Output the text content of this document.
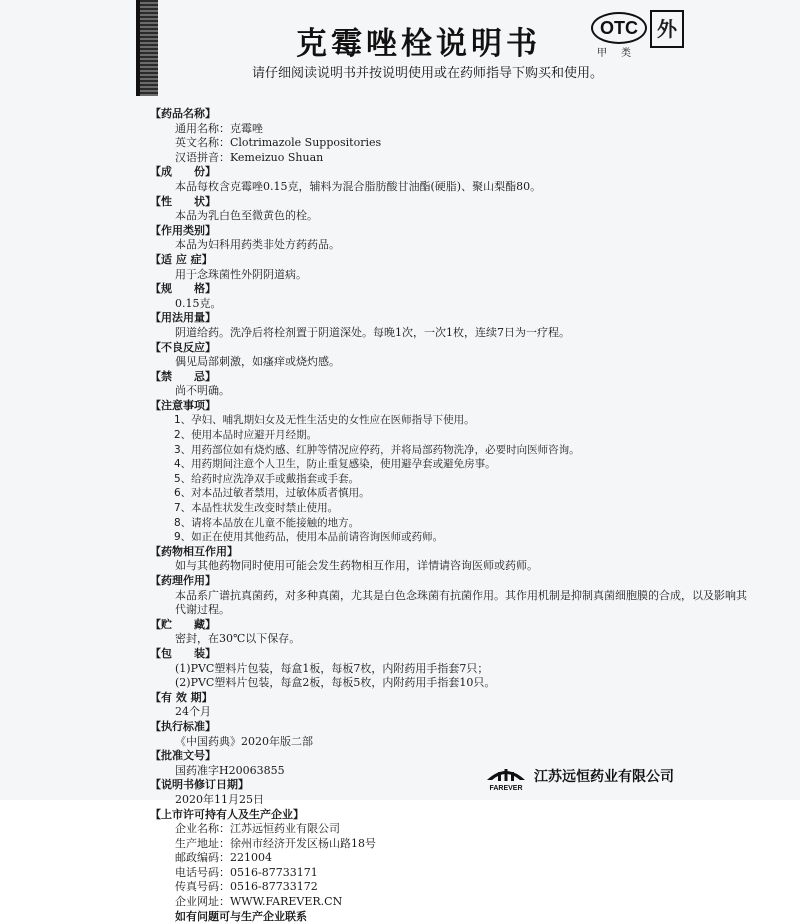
克霉唑栓说明书	OTC
甲类
外
请仔细阅读说明书并按说明使用或在药师指导下购买和使用。
【药品名称】
通用名称：克霉唑
英文名称：Clotrimazole Suppositories
汉语拼音：Kemeizuo Shuan
【成　　份】
本品每枚含克霉唑0.15克，辅料为混合脂肪酸甘油酯(硬脂)、聚山梨酯80。
【性　　状】
本品为乳白色至微黄色的栓。
【作用类别】
本品为妇科用药类非处方药药品。
【适 应 症】
用于念珠菌性外阴阴道病。
【规　　格】
0.15克。
【用法用量】
阴道给药。洗净后将栓剂置于阴道深处。每晚1次，一次1枚，连续7日为一疗程。
【不良反应】
偶见局部刺激，如瘙痒或烧灼感。
【禁　　忌】
尚不明确。
【注意事项】
1、孕妇、哺乳期妇女及无性生活史的女性应在医师指导下使用。
2、使用本品时应避开月经期。
3、用药部位如有烧灼感、红肿等情况应停药，并将局部药物洗净，必要时向医师咨询。
4、用药期间注意个人卫生，防止重复感染，使用避孕套或避免房事。
5、给药时应洗净双手或戴指套或手套。
6、对本品过敏者禁用，过敏体质者慎用。
7、本品性状发生改变时禁止使用。
8、请将本品放在儿童不能接触的地方。
9、如正在使用其他药品，使用本品前请咨询医师或药师。
【药物相互作用】
如与其他药物同时使用可能会发生药物相互作用，详情请咨询医师或药师。
【药理作用】
本品系广谱抗真菌药，对多种真菌，尤其是白色念珠菌有抗菌作用。其作用机制是抑制真菌细胞膜的合成，以及影响其代谢过程。
【贮　　藏】
密封，在30℃以下保存。
【包　　装】
(1)PVC塑料片包装，每盒1板，每板7枚，内附药用手指套7只；
(2)PVC塑料片包装，每盒2板，每板5枚，内附药用手指套10只。
【有 效 期】
24个月
【执行标准】
《中国药典》2020年版二部
【批准文号】
国药准字H20063855
【说明书修订日期】
2020年11月25日
【上市许可持有人及生产企业】
企业名称：江苏远恒药业有限公司
生产地址：徐州市经济开发区杨山路18号
邮政编码：221004
电话号码：0516-87733171
传真号码：0516-87733172
企业网址：WWW.FAREVER.CN
如有问题可与生产企业联系
FAREVER
江苏远恒药业有限公司
